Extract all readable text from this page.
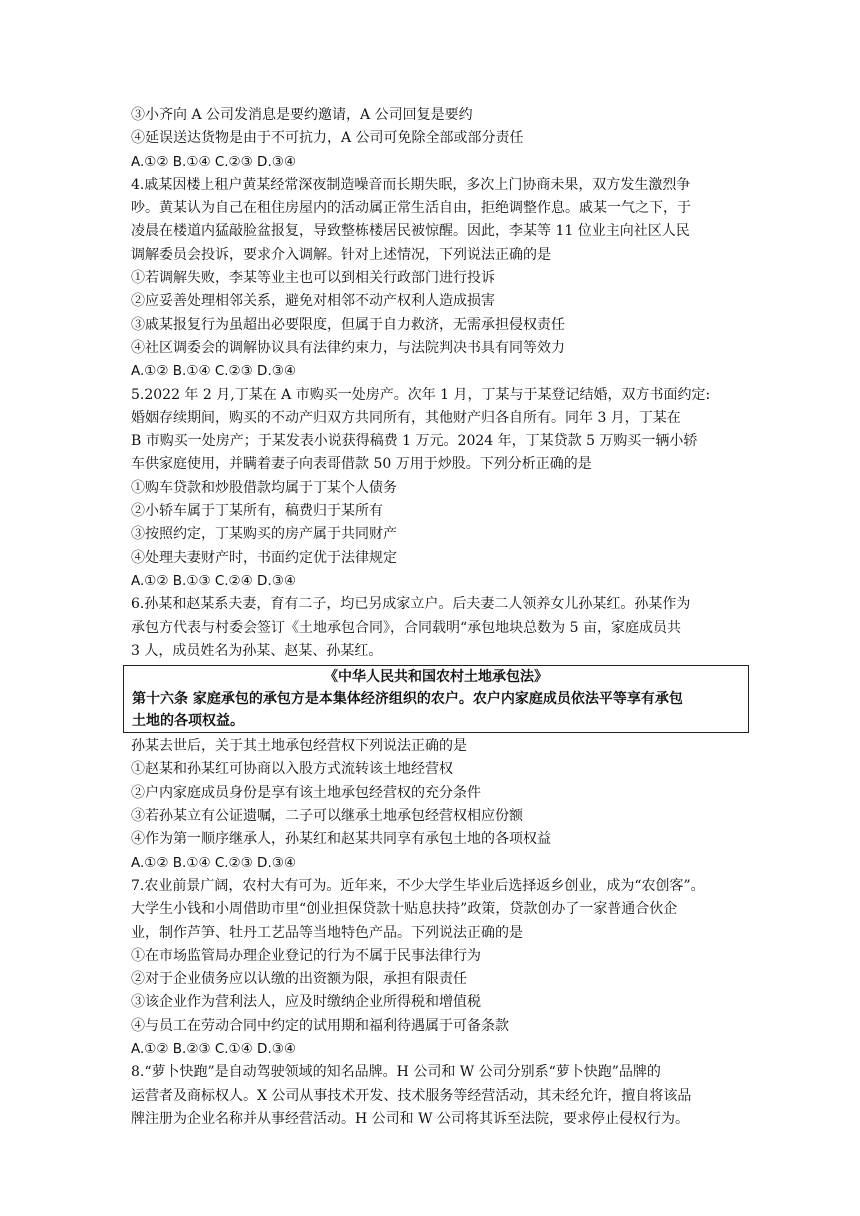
③小齐向 A 公司发消息是要约邀请，A 公司回复是要约
④延误送达货物是由于不可抗力，A 公司可免除全部或部分责任
A.①② B.①④ C.②③ D.③④
4.戚某因楼上租户黄某经常深夜制造噪音而长期失眠，多次上门协商未果，双方发生激烈争
吵。黄某认为自己在租住房屋内的活动属正常生活自由，拒绝调整作息。戚某一气之下，于
凌晨在楼道内猛敲脸盆报复，导致整栋楼居民被惊醒。因此，李某等 11 位业主向社区人民
调解委员会投诉，要求介入调解。针对上述情况，下列说法正确的是
①若调解失败，李某等业主也可以到相关行政部门进行投诉
②应妥善处理相邻关系，避免对相邻不动产权利人造成损害
③戚某报复行为虽超出必要限度，但属于自力救济，无需承担侵权责任
④社区调委会的调解协议具有法律约束力，与法院判决书具有同等效力
A.①② B.①④ C.②③ D.③④
5.2022 年 2 月,丁某在 A 市购买一处房产。次年 1 月，丁某与于某登记结婚，双方书面约定:
婚姻存续期间，购买的不动产归双方共同所有，其他财产归各自所有。同年 3 月，丁某在
B 市购买一处房产；于某发表小说获得稿费 1 万元。2024 年，丁某贷款 5 万购买一辆小轿
车供家庭使用，并瞒着妻子向表哥借款 50 万用于炒股。下列分析正确的是
①购车贷款和炒股借款均属于丁某个人债务
②小轿车属于丁某所有，稿费归于某所有
③按照约定，丁某购买的房产属于共同财产
④处理夫妻财产时，书面约定优于法律规定
A.①② B.①③ C.②④ D.③④
6.孙某和赵某系夫妻，育有二子，均已另成家立户。后夫妻二人领养女儿孙某红。孙某作为
承包方代表与村委会签订《土地承包合同》，合同载明“承包地块总数为 5 亩，家庭成员共
3 人，成员姓名为孙某、赵某、孙某红。
《中华人民共和国农村土地承包法》
第十六条 家庭承包的承包方是本集体经济组织的农户。农户内家庭成员依法平等享有承包
土地的各项权益。
孙某去世后，关于其土地承包经营权下列说法正确的是
①赵某和孙某红可协商以入股方式流转该土地经营权
②户内家庭成员身份是享有该土地承包经营权的充分条件
③若孙某立有公证遗嘱，二子可以继承土地承包经营权相应份额
④作为第一顺序继承人，孙某红和赵某共同享有承包土地的各项权益
A.①② B.①④ C.②③ D.③④
7.农业前景广阔，农村大有可为。近年来，不少大学生毕业后选择返乡创业，成为“农创客”。
大学生小钱和小周借助市里“创业担保贷款十贴息扶持”政策，贷款创办了一家普通合伙企
业，制作芦笋、牡丹工艺品等当地特色产品。下列说法正确的是
①在市场监管局办理企业登记的行为不属于民事法律行为
②对于企业债务应以认缴的出资额为限，承担有限责任
③该企业作为营利法人，应及时缴纳企业所得税和增值税
④与员工在劳动合同中约定的试用期和福利待遇属于可备条款
A.①② B.②③ C.①④ D.③④
8.“萝卜快跑”是自动驾驶领域的知名品牌。H 公司和 W 公司分别系“萝卜快跑”品牌的
运营者及商标权人。X 公司从事技术开发、技术服务等经营活动，其未经允许，擅自将该品
牌注册为企业名称并从事经营活动。H 公司和 W 公司将其诉至法院，要求停止侵权行为。
